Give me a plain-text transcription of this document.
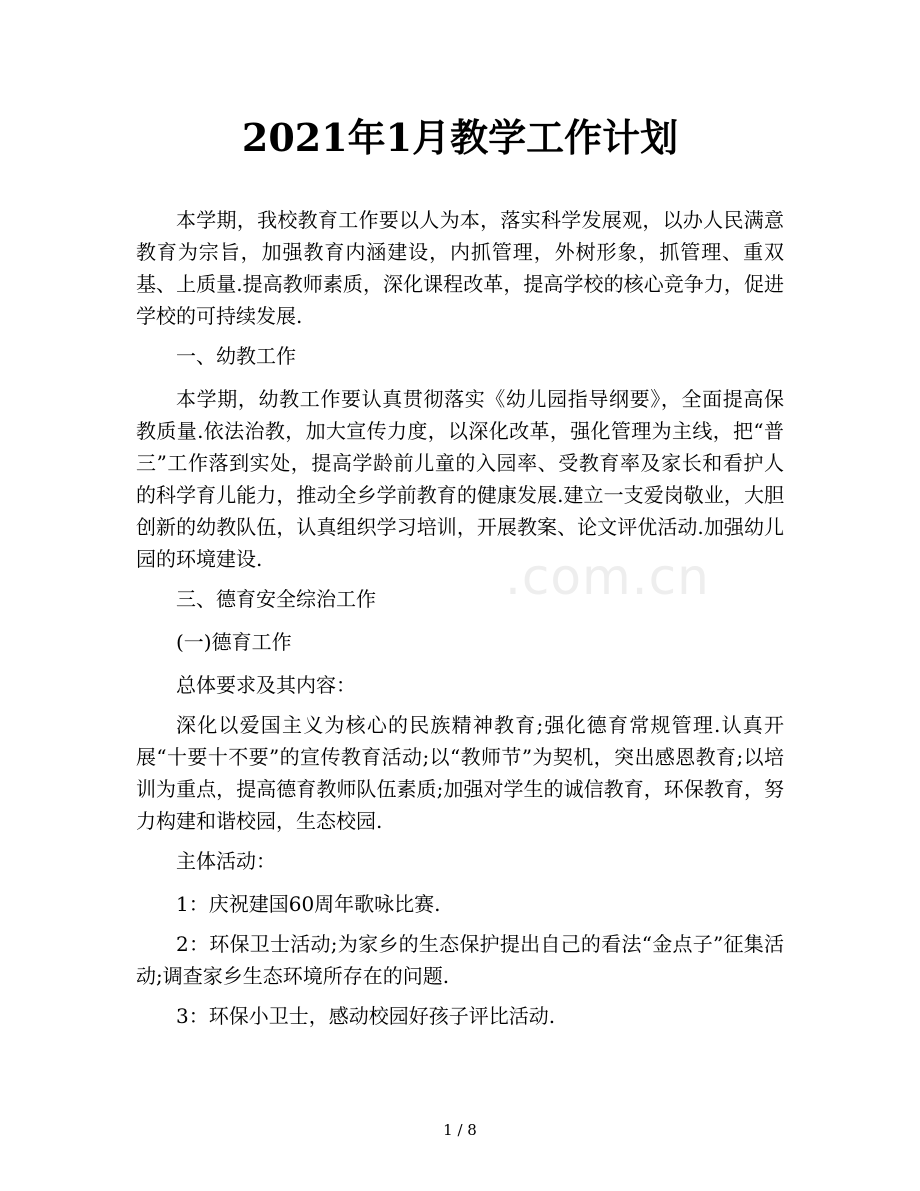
.com.cn
2021年1月教学工作计划

本学期，我校教育工作要以人为本，落实科学发展观，以办人民满意教育为宗旨，加强教育内涵建设，内抓管理，外树形象，抓管理、重双基、上质量.提高教师素质，深化课程改革，提高学校的核心竞争力，促进学校的可持续发展.

一、幼教工作

本学期，幼教工作要认真贯彻落实《幼儿园指导纲要》，全面提高保教质量.依法治教，加大宣传力度，以深化改革，强化管理为主线，把“普三”工作落到实处，提高学龄前儿童的入园率、受教育率及家长和看护人的科学育儿能力，推动全乡学前教育的健康发展.建立一支爱岗敬业，大胆创新的幼教队伍，认真组织学习培训，开展教案、论文评优活动.加强幼儿园的环境建设.

三、德育安全综治工作

(一)德育工作

总体要求及其内容：

深化以爱国主义为核心的民族精神教育;强化德育常规管理.认真开展“十要十不要”的宣传教育活动;以“教师节”为契机，突出感恩教育;以培训为重点，提高德育教师队伍素质;加强对学生的诚信教育，环保教育，努力构建和谐校园，生态校园.

主体活动：

1：庆祝建国60周年歌咏比赛.

2：环保卫士活动;为家乡的生态保护提出自己的看法“金点子”征集活动;调查家乡生态环境所存在的问题.

3：环保小卫士，感动校园好孩子评比活动.

1 / 8
